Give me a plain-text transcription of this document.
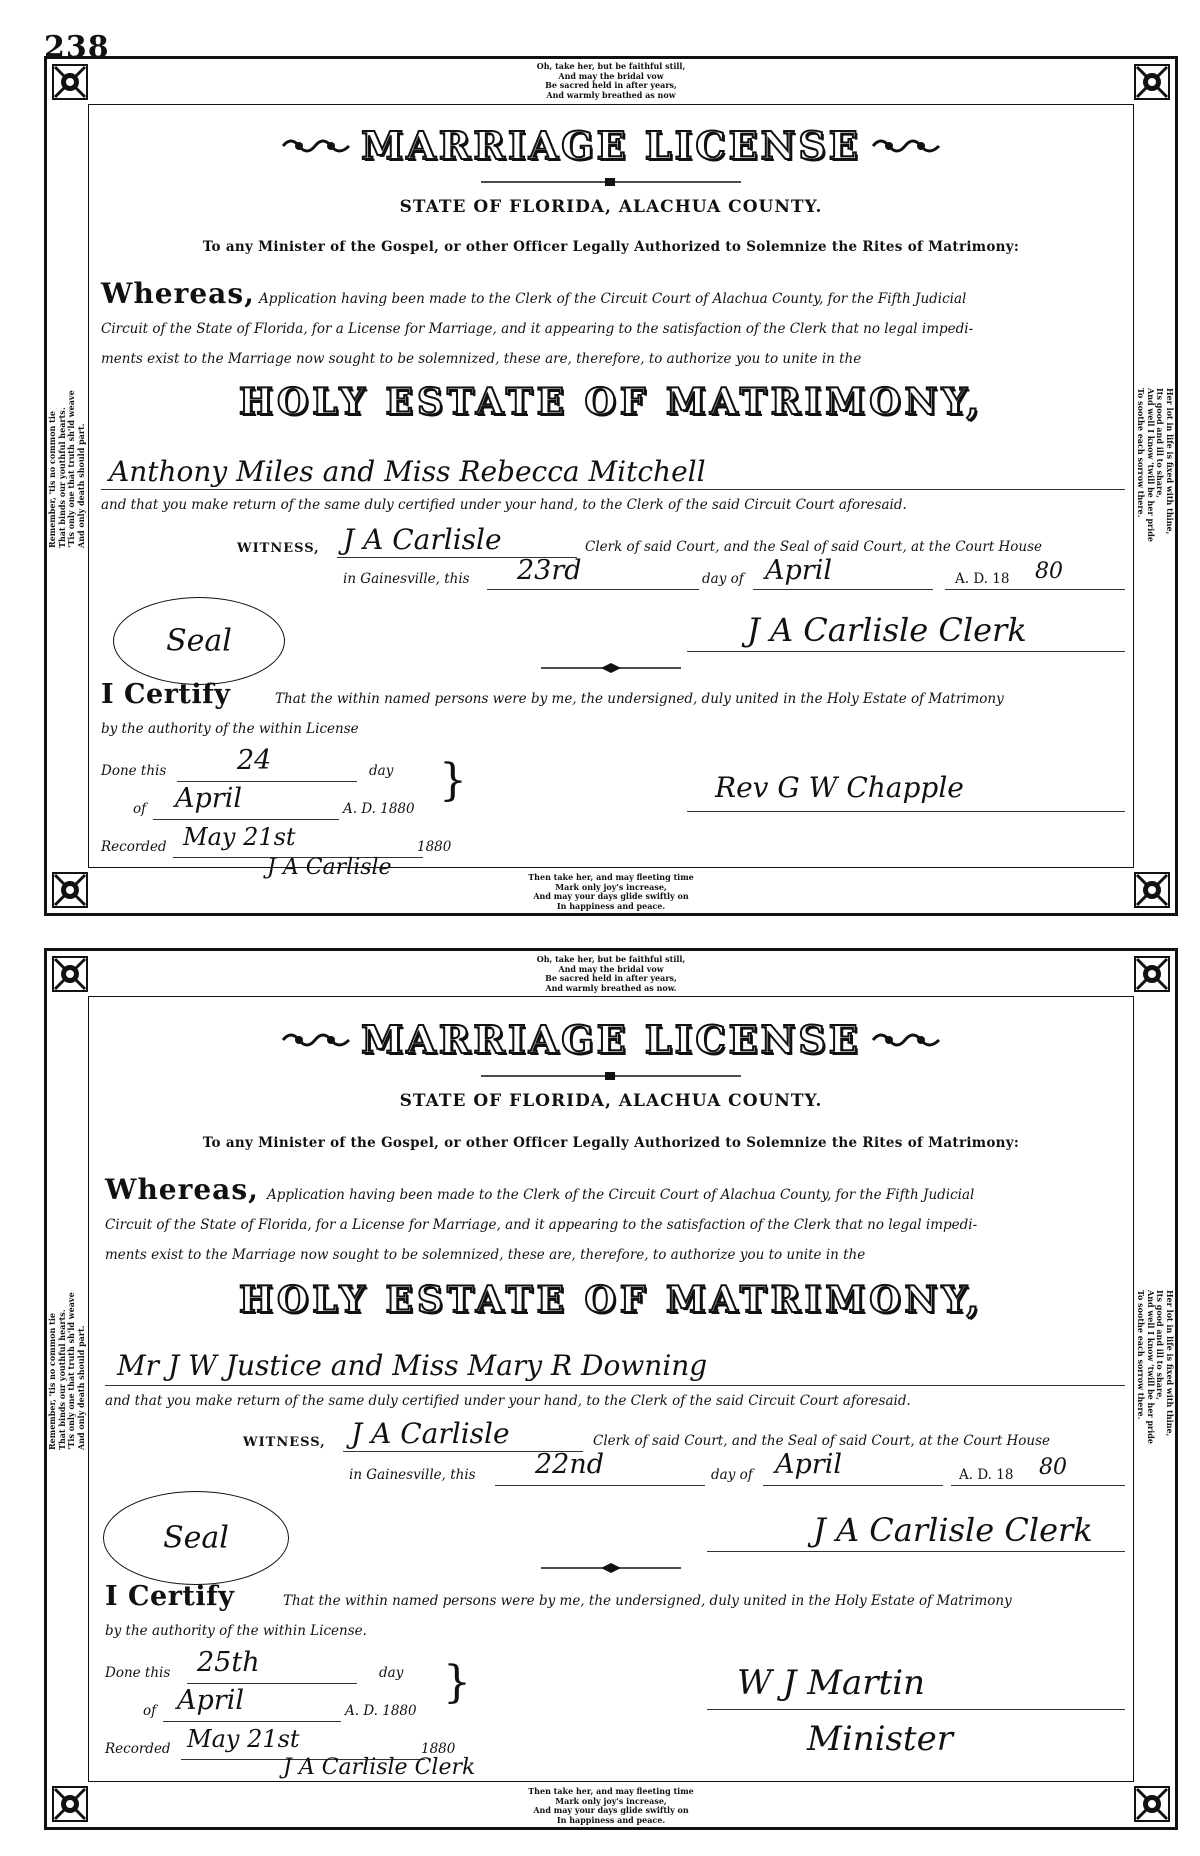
238
Oh, take her, but be faithful still,
And may the bridal vow
Be sacred held in after years,
And warmly breathed as now
Then take her, and may fleeting time
Mark only joy's increase,
And may your days glide swiftly on
In happiness and peace.
Remember, 'tis no common tie That binds our youthful hearts. 'Tis only one that truth sh'ld weave And only death should part.	Her lot in life is fixed with thine,
Its good and ill to share,
And well I know 'twill be her pride
To soothe each sorrow there.
MARRIAGE LICENSE
STATE OF FLORIDA, ALACHUA COUNTY.
To any Minister of the Gospel, or other Officer Legally Authorized to Solemnize the Rites of Matrimony:
Whereas, Application having been made to the Clerk of the Circuit Court of Alachua County, for the Fifth Judicial
Circuit of the State of Florida, for a License for Marriage, and it appearing to the satisfaction of the Clerk that no legal impedi-
ments exist to the Marriage now sought to be solemnized, these are, therefore, to authorize you to unite in the
HOLY ESTATE OF MATRIMONY,
Anthony Miles and Miss Rebecca Mitchell
and that you make return of the same duly certified under your hand, to the Clerk of the said Circuit Court aforesaid.
WITNESS, J A Carlisle	Clerk of said Court, and the Seal of said Court, at the Court House
in Gainesville, this 23rd	day of April	A. D. 18 80
Seal	J A Carlisle Clerk
I Certify	That the within named persons were by me, the undersigned, duly united in the Holy Estate of Matrimony
by the authority of the within License
Done this	24	day
of April	A. D. 1880
}
Recorded May 21st	1880
J A Carlisle
Rev G W Chapple
Oh, take her, but be faithful still,
And may the bridal vow
Be sacred held in after years,
And warmly breathed as now.
Then take her, and may fleeting time
Mark only joy's increase,
And may your days glide swiftly on
In happiness and peace.
Remember, 'tis no common tie That binds our youthful hearts. 'Tis only one that truth sh'ld weave And only death should part.	Her lot in life is fixed with thine,
Its good and ill to share,
And well I know 'twill be her pride
To soothe each sorrow there.
MARRIAGE LICENSE
STATE OF FLORIDA, ALACHUA COUNTY.
To any Minister of the Gospel, or other Officer Legally Authorized to Solemnize the Rites of Matrimony:
Whereas, Application having been made to the Clerk of the Circuit Court of Alachua County, for the Fifth Judicial
Circuit of the State of Florida, for a License for Marriage, and it appearing to the satisfaction of the Clerk that no legal impedi-
ments exist to the Marriage now sought to be solemnized, these are, therefore, to authorize you to unite in the
HOLY ESTATE OF MATRIMONY,
Mr J W Justice and Miss Mary R Downing
and that you make return of the same duly certified under your hand, to the Clerk of the said Circuit Court aforesaid.
WITNESS, J A Carlisle	Clerk of said Court, and the Seal of said Court, at the Court House
in Gainesville, this 22nd	day of April	A. D. 18 80
Seal	J A Carlisle Clerk
I Certify	That the within named persons were by me, the undersigned, duly united in the Holy Estate of Matrimony
by the authority of the within License.
Done this 25th	day
of April	A. D. 1880
}
Recorded May 21st	1880
J A Carlisle Clerk
W J Martin
Minister
